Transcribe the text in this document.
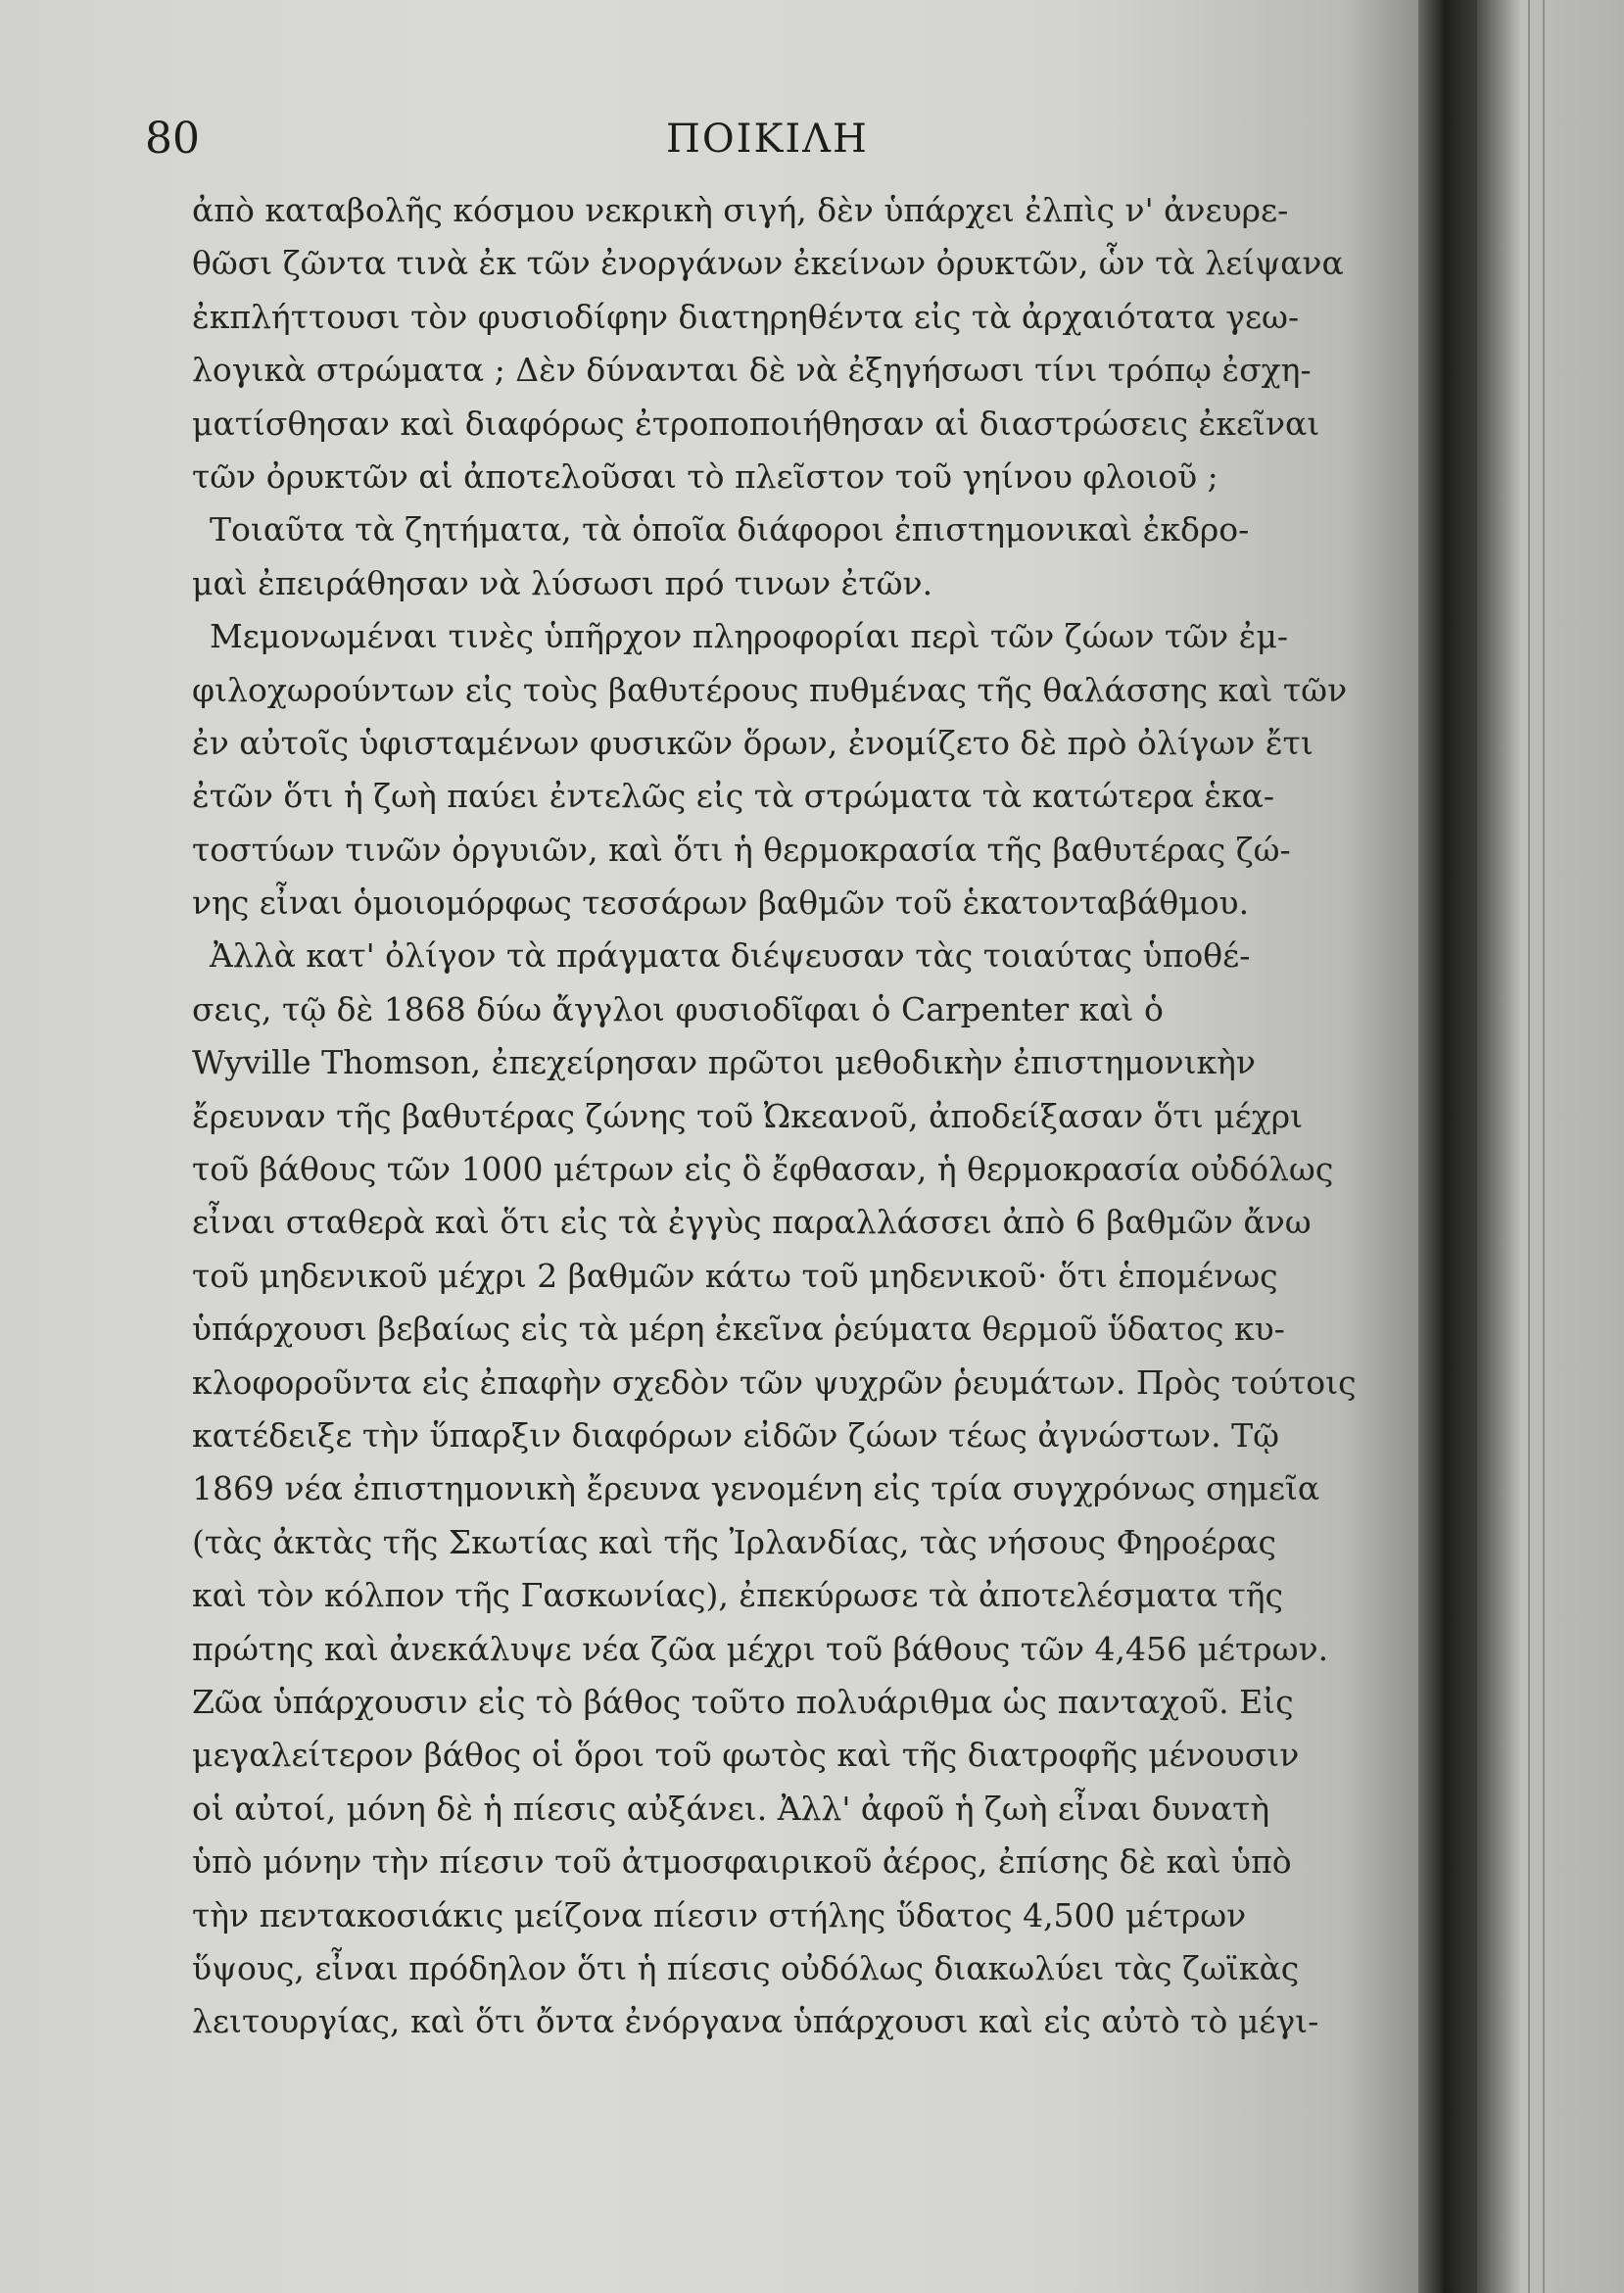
80	ΠΟΙΚΙΛΗ
ἀπὸ καταβολῆς κόσμου νεκρικὴ σιγή, δὲν ὑπάρχει ἐλπὶς ν' ἀνευρε-
θῶσι ζῶντα τινὰ ἐκ τῶν ἐνοργάνων ἐκείνων ὀρυκτῶν, ὧν τὰ λείψανα
ἐκπλήττουσι τὸν φυσιοδίφην διατηρηθέντα εἰς τὰ ἀρχαιότατα γεω-
λογικὰ στρώματα ; Δὲν δύνανται δὲ νὰ ἐξηγήσωσι τίνι τρόπῳ ἐσχη-
ματίσθησαν καὶ διαφόρως ἐτροποποιήθησαν αἱ διαστρώσεις ἐκεῖναι
τῶν ὀρυκτῶν αἱ ἀποτελοῦσαι τὸ πλεῖστον τοῦ γηίνου φλοιοῦ ;
Τοιαῦτα τὰ ζητήματα, τὰ ὁποῖα διάφοροι ἐπιστημονικαὶ ἐκδρο-
μαὶ ἐπειράθησαν νὰ λύσωσι πρό τινων ἐτῶν.
Μεμονωμέναι τινὲς ὑπῆρχον πληροφορίαι περὶ τῶν ζώων τῶν ἐμ-
φιλοχωρούντων εἰς τοὺς βαθυτέρους πυθμένας τῆς θαλάσσης καὶ τῶν
ἐν αὐτοῖς ὑφισταμένων φυσικῶν ὅρων, ἐνομίζετο δὲ πρὸ ὀλίγων ἔτι
ἐτῶν ὅτι ἡ ζωὴ παύει ἐντελῶς εἰς τὰ στρώματα τὰ κατώτερα ἑκα-
τοστύων τινῶν ὀργυιῶν, καὶ ὅτι ἡ θερμοκρασία τῆς βαθυτέρας ζώ-
νης εἶναι ὁμοιομόρφως τεσσάρων βαθμῶν τοῦ ἑκατονταβάθμου.
Ἀλλὰ κατ' ὀλίγον τὰ πράγματα διέψευσαν τὰς τοιαύτας ὑποθέ-
σεις, τῷ δὲ 1868 δύω ἄγγλοι φυσιοδῖφαι ὁ Carpenter καὶ ὁ
Wyville Thomson, ἐπεχείρησαν πρῶτοι μεθοδικὴν ἐπιστημονικὴν
ἔρευναν τῆς βαθυτέρας ζώνης τοῦ Ὠκεανοῦ, ἀποδείξασαν ὅτι μέχρι
τοῦ βάθους τῶν 1000 μέτρων εἰς ὃ ἔφθασαν, ἡ θερμοκρασία οὐδόλως
εἶναι σταθερὰ καὶ ὅτι εἰς τὰ ἐγγὺς παραλλάσσει ἀπὸ 6 βαθμῶν ἄνω
τοῦ μηδενικοῦ μέχρι 2 βαθμῶν κάτω τοῦ μηδενικοῦ· ὅτι ἑπομένως
ὑπάρχουσι βεβαίως εἰς τὰ μέρη ἐκεῖνα ῥεύματα θερμοῦ ὕδατος κυ-
κλοφοροῦντα εἰς ἐπαφὴν σχεδὸν τῶν ψυχρῶν ῥευμάτων. Πρὸς τούτοις
κατέδειξε τὴν ὕπαρξιν διαφόρων εἰδῶν ζώων τέως ἀγνώστων. Τῷ
1869 νέα ἐπιστημονικὴ ἔρευνα γενομένη εἰς τρία συγχρόνως σημεῖα
(τὰς ἀκτὰς τῆς Σκωτίας καὶ τῆς Ἰρλανδίας, τὰς νήσους Φηροέρας
καὶ τὸν κόλπον τῆς Γασκωνίας), ἐπεκύρωσε τὰ ἀποτελέσματα τῆς
πρώτης καὶ ἀνεκάλυψε νέα ζῶα μέχρι τοῦ βάθους τῶν 4,456 μέτρων.
Ζῶα ὑπάρχουσιν εἰς τὸ βάθος τοῦτο πολυάριθμα ὡς πανταχοῦ. Εἰς
μεγαλείτερον βάθος οἱ ὅροι τοῦ φωτὸς καὶ τῆς διατροφῆς μένουσιν
οἱ αὐτοί, μόνη δὲ ἡ πίεσις αὐξάνει. Ἀλλ' ἀφοῦ ἡ ζωὴ εἶναι δυνατὴ
ὑπὸ μόνην τὴν πίεσιν τοῦ ἀτμοσφαιρικοῦ ἀέρος, ἐπίσης δὲ καὶ ὑπὸ
τὴν πεντακοσιάκις μείζονα πίεσιν στήλης ὕδατος 4,500 μέτρων
ὕψους, εἶναι πρόδηλον ὅτι ἡ πίεσις οὐδόλως διακωλύει τὰς ζωϊκὰς
λειτουργίας, καὶ ὅτι ὄντα ἐνόργανα ὑπάρχουσι καὶ εἰς αὐτὸ τὸ μέγι-
